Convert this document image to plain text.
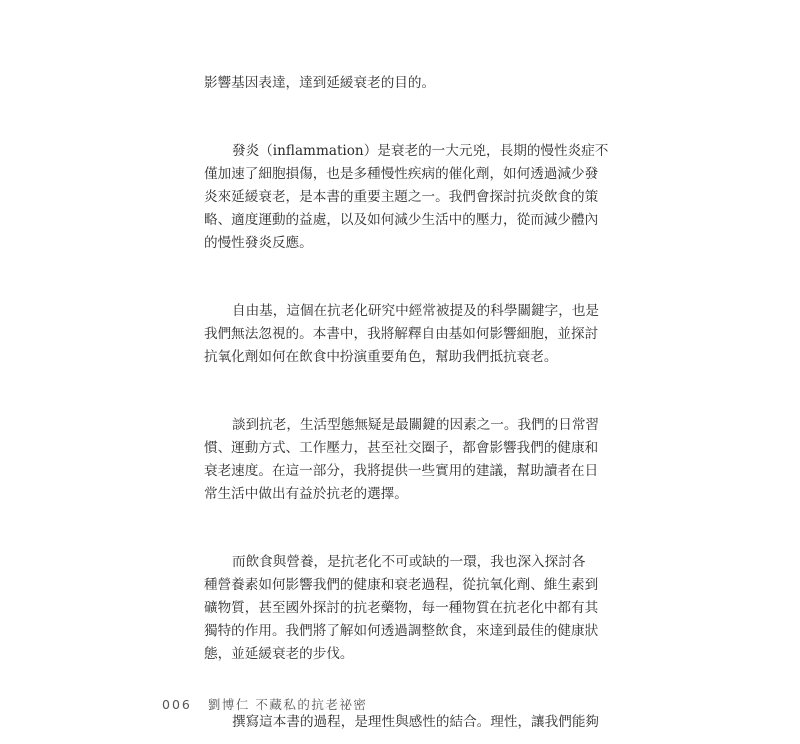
影響基因表達，達到延緩衰老的目的。
發炎（inflammation）是衰老的一大元兇，長期的慢性炎症不
僅加速了細胞損傷，也是多種慢性疾病的催化劑，如何透過減少發
炎來延緩衰老，是本書的重要主題之一。我們會探討抗炎飲食的策
略、適度運動的益處，以及如何減少生活中的壓力，從而減少體內
的慢性發炎反應。
自由基，這個在抗老化研究中經常被提及的科學關鍵字，也是
我們無法忽視的。本書中，我將解釋自由基如何影響細胞，並探討
抗氧化劑如何在飲食中扮演重要角色，幫助我們抵抗衰老。
談到抗老，生活型態無疑是最關鍵的因素之一。我們的日常習
慣、運動方式、工作壓力，甚至社交圈子，都會影響我們的健康和
衰老速度。在這一部分，我將提供一些實用的建議，幫助讀者在日
常生活中做出有益於抗老的選擇。
而飲食與營養，是抗老化不可或缺的一環，我也深入探討各
種營養素如何影響我們的健康和衰老過程，從抗氧化劑、維生素到
礦物質，甚至國外探討的抗老藥物，每一種物質在抗老化中都有其
獨特的作用。我們將了解如何透過調整飲食，來達到最佳的健康狀
態，並延緩衰老的步伐。
撰寫這本書的過程，是理性與感性的結合。理性，讓我們能夠
006 劉博仁 不藏私的抗老祕密
